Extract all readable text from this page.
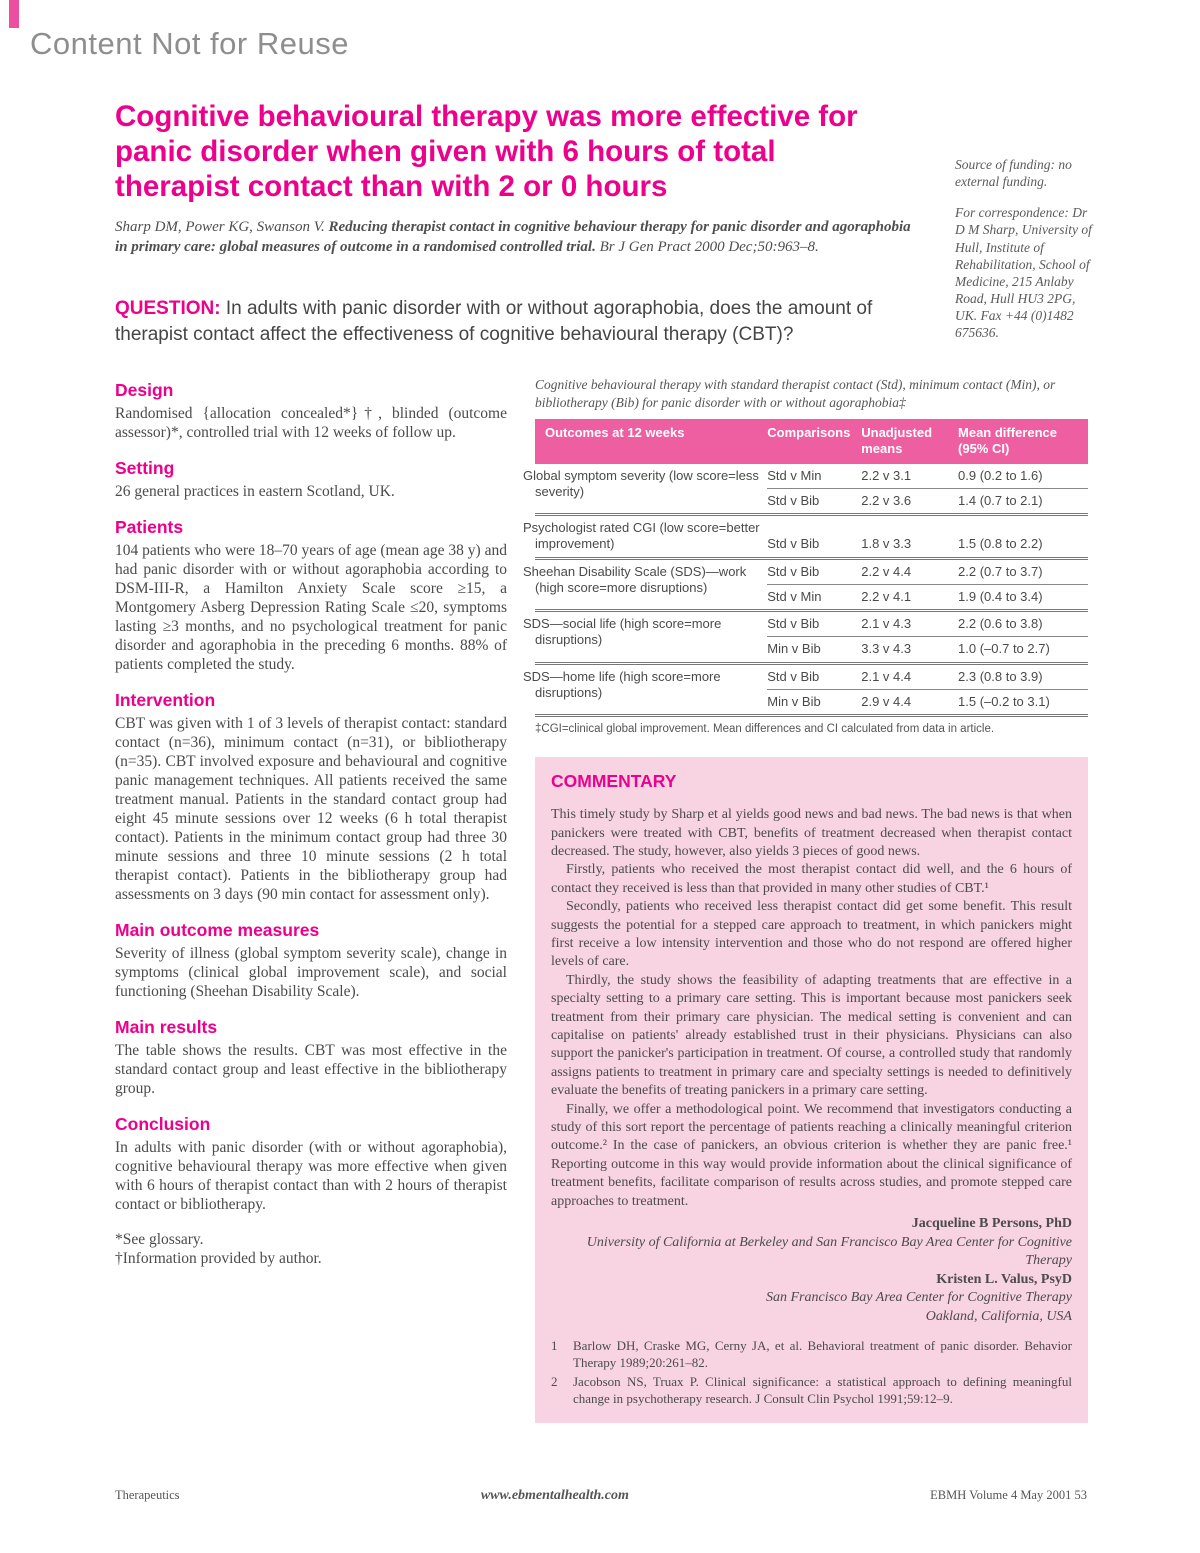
Content Not for Reuse
Cognitive behavioural therapy was more effective for panic disorder when given with 6 hours of total therapist contact than with 2 or 0 hours

Source of funding: no external funding.

For correspondence: Dr D M Sharp, University of Hull, Institute of Rehabilitation, School of Medicine, 215 Anlaby Road, Hull HU3 2PG, UK. Fax +44 (0)1482 675636.

Sharp DM, Power KG, Swanson V. Reducing therapist contact in cognitive behaviour therapy for panic disorder and agoraphobia in primary care: global measures of outcome in a randomised controlled trial. Br J Gen Pract 2000 Dec;50:963–8.

QUESTION: In adults with panic disorder with or without agoraphobia, does the amount of therapist contact affect the effectiveness of cognitive behavioural therapy (CBT)?

Design

Randomised {allocation concealed*}†, blinded (outcome assessor)*, controlled trial with 12 weeks of follow up.

Setting

26 general practices in eastern Scotland, UK.

Patients

104 patients who were 18–70 years of age (mean age 38 y) and had panic disorder with or without agoraphobia according to DSM-III-R, a Hamilton Anxiety Scale score ≥15, a Montgomery Asberg Depression Rating Scale ≤20, symptoms lasting ≥3 months, and no psychological treatment for panic disorder and agoraphobia in the preceding 6 months. 88% of patients completed the study.

Intervention

CBT was given with 1 of 3 levels of therapist contact: standard contact (n=36), minimum contact (n=31), or bibliotherapy (n=35). CBT involved exposure and behavioural and cognitive panic management techniques. All patients received the same treatment manual. Patients in the standard contact group had eight 45 minute sessions over 12 weeks (6 h total therapist contact). Patients in the minimum contact group had three 30 minute sessions and three 10 minute sessions (2 h total therapist contact). Patients in the bibliotherapy group had assessments on 3 days (90 min contact for assessment only).

Main outcome measures

Severity of illness (global symptom severity scale), change in symptoms (clinical global improvement scale), and social functioning (Sheehan Disability Scale).

Main results

The table shows the results. CBT was most effective in the standard contact group and least effective in the bibliotherapy group.

Conclusion

In adults with panic disorder (with or without agoraphobia), cognitive behavioural therapy was more effective when given with 6 hours of therapist contact than with 2 hours of therapist contact or bibliotherapy.

*See glossary.

†Information provided by author.

Cognitive behavioural therapy with standard therapist contact (Std), minimum contact (Min), or bibliotherapy (Bib) for panic disorder with or without agoraphobia‡

Outcomes at 12 weeks	Comparisons	Unadjusted means	Mean difference (95% CI)
Global symptom severity (low score=less severity)	Std v Min	2.2 v 3.1	0.9 (0.2 to 1.6)
	Std v Bib	2.2 v 3.6	1.4 (0.7 to 2.1)
Psychologist rated CGI (low score=better improvement)	Std v Bib	1.8 v 3.3	1.5 (0.8 to 2.2)
Sheehan Disability Scale (SDS)—work (high score=more disruptions)	Std v Bib	2.2 v 4.4	2.2 (0.7 to 3.7)
	Std v Min	2.2 v 4.1	1.9 (0.4 to 3.4)
SDS—social life (high score=more disruptions)	Std v Bib	2.1 v 4.3	2.2 (0.6 to 3.8)
	Min v Bib	3.3 v 4.3	1.0 (–0.7 to 2.7)
SDS—home life (high score=more disruptions)	Std v Bib	2.1 v 4.4	2.3 (0.8 to 3.9)
	Min v Bib	2.9 v 4.4	1.5 (–0.2 to 3.1)

‡CGI=clinical global improvement. Mean differences and CI calculated from data in article.

COMMENTARY

This timely study by Sharp et al yields good news and bad news. The bad news is that when panickers were treated with CBT, benefits of treatment decreased when therapist contact decreased. The study, however, also yields 3 pieces of good news.

Firstly, patients who received the most therapist contact did well, and the 6 hours of contact they received is less than that provided in many other studies of CBT.¹

Secondly, patients who received less therapist contact did get some benefit. This result suggests the potential for a stepped care approach to treatment, in which panickers might first receive a low intensity intervention and those who do not respond are offered higher levels of care.

Thirdly, the study shows the feasibility of adapting treatments that are effective in a specialty setting to a primary care setting. This is important because most panickers seek treatment from their primary care physician. The medical setting is convenient and can capitalise on patients' already established trust in their physicians. Physicians can also support the panicker's participation in treatment. Of course, a controlled study that randomly assigns patients to treatment in primary care and specialty settings is needed to definitively evaluate the benefits of treating panickers in a primary care setting.

Finally, we offer a methodological point. We recommend that investigators conducting a study of this sort report the percentage of patients reaching a clinically meaningful criterion outcome.² In the case of panickers, an obvious criterion is whether they are panic free.¹ Reporting outcome in this way would provide information about the clinical significance of treatment benefits, facilitate comparison of results across studies, and promote stepped care approaches to treatment.

Jacqueline B Persons, PhD
University of California at Berkeley and San Francisco Bay Area Center for Cognitive Therapy
Kristen L. Valus, PsyD
San Francisco Bay Area Center for Cognitive Therapy
Oakland, California, USA
1	Barlow DH, Craske MG, Cerny JA, et al. Behavioral treatment of panic disorder. Behavior Therapy 1989;20:261–82.
2	Jacobson NS, Truax P. Clinical significance: a statistical approach to defining meaningful change in psychotherapy research. J Consult Clin Psychol 1991;59:12–9.
Therapeutics	www.ebmentalhealth.com	EBMH Volume 4 May 2001 53
